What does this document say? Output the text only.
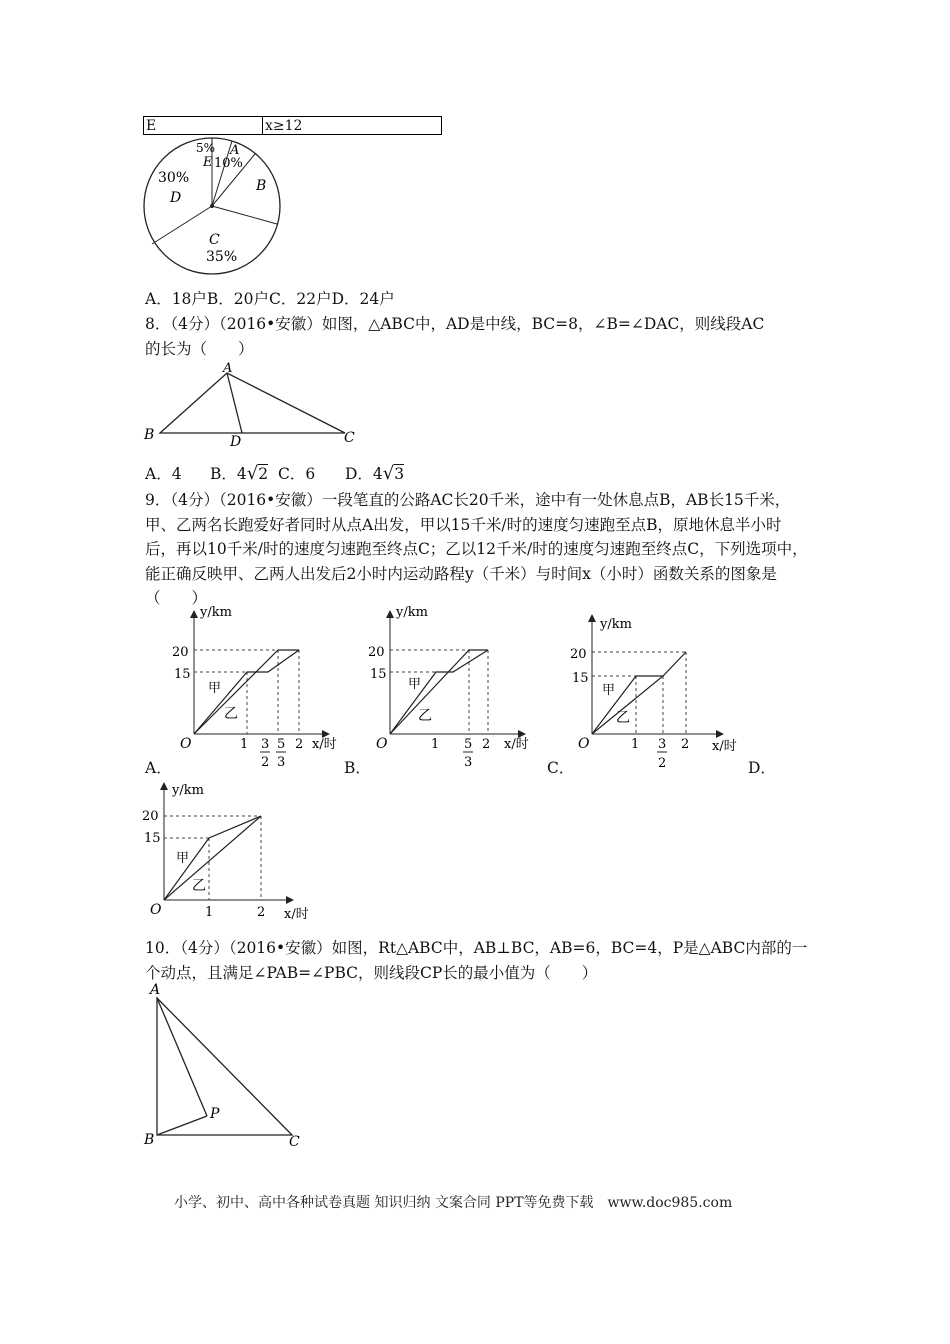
E	x≥12
5%
E
A
10%
B
30%
D
C
35%
A．18户B．20户C．22户D．24户
8．（4分）（2016•安徽）如图，△ABC中，AD是中线，BC=8，∠B=∠DAC，则线段AC
的长为（　　）
A
B	C
D
A．4 B．4√2 C．6 D．4√3
9．（4分）（2016•安徽）一段笔直的公路AC长20千米，途中有一处休息点B，AB长15千米，甲、乙两名长跑爱好者同时从点A出发，甲以15千米/时的速度匀速跑至点B，原地休息半小时后，再以10千米/时的速度匀速跑至终点C；乙以12千米/时的速度匀速跑至终点C，下列选项中，能正确反映甲、乙两人出发后2小时内运动路程y（千米）与时间x（小时）函数关系的图象是（　　）
y/km
20
15
甲
乙
O	1 3
2
5
3
2 x/时
A．
y/km
20
15
甲
乙
O	1 5
3
2 x/时
B．
y/km
20
15
甲
乙
O	1 3
2
2 x/时
C．	D．
y/km
20
15
甲
乙
O	1	2 x/时
10．（4分）（2016•安徽）如图，Rt△ABC中，AB⊥BC，AB=6，BC=4，P是△ABC内部的一个动点，且满足∠PAB=∠PBC，则线段CP长的最小值为（　　）
A
B	C
P
小学、初中、高中各种试卷真题 知识归纳 文案合同 PPT等免费下载　www.doc985.com
